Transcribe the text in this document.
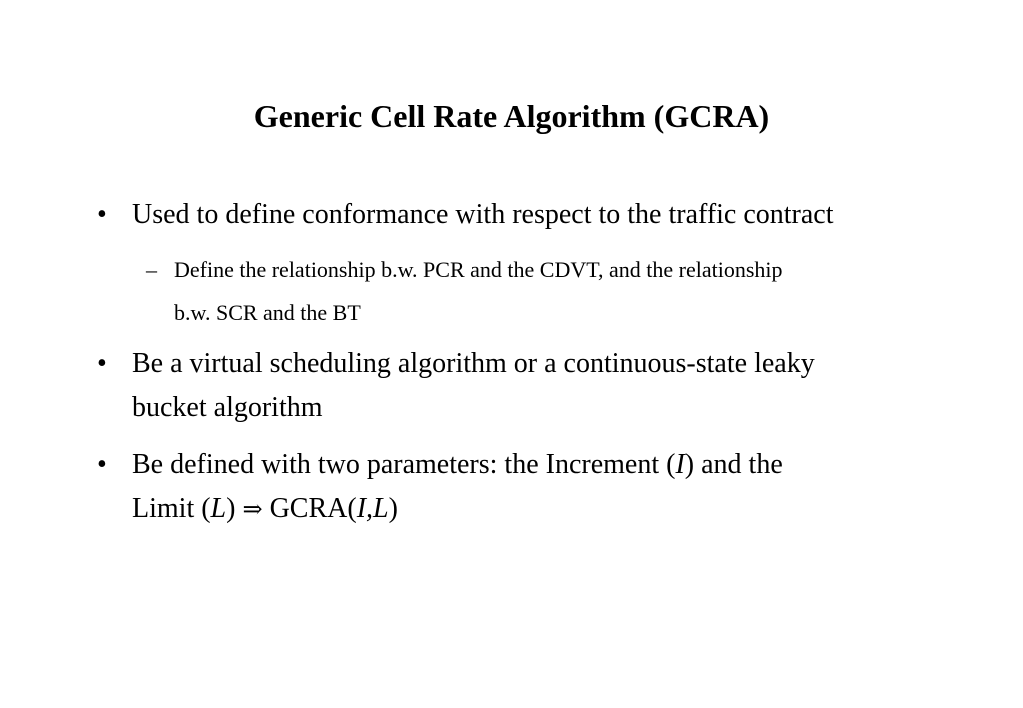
Generic Cell Rate Algorithm (GCRA)
• Used to define conformance with respect to the traffic contract
– Define the relationship b.w. PCR and the CDVT, and the relationship
b.w. SCR and the BT
• Be a virtual scheduling algorithm or a continuous-state leaky
bucket algorithm
• Be defined with two parameters: the Increment (I) and the
Limit (L) ⇒ GCRA(I,L)
